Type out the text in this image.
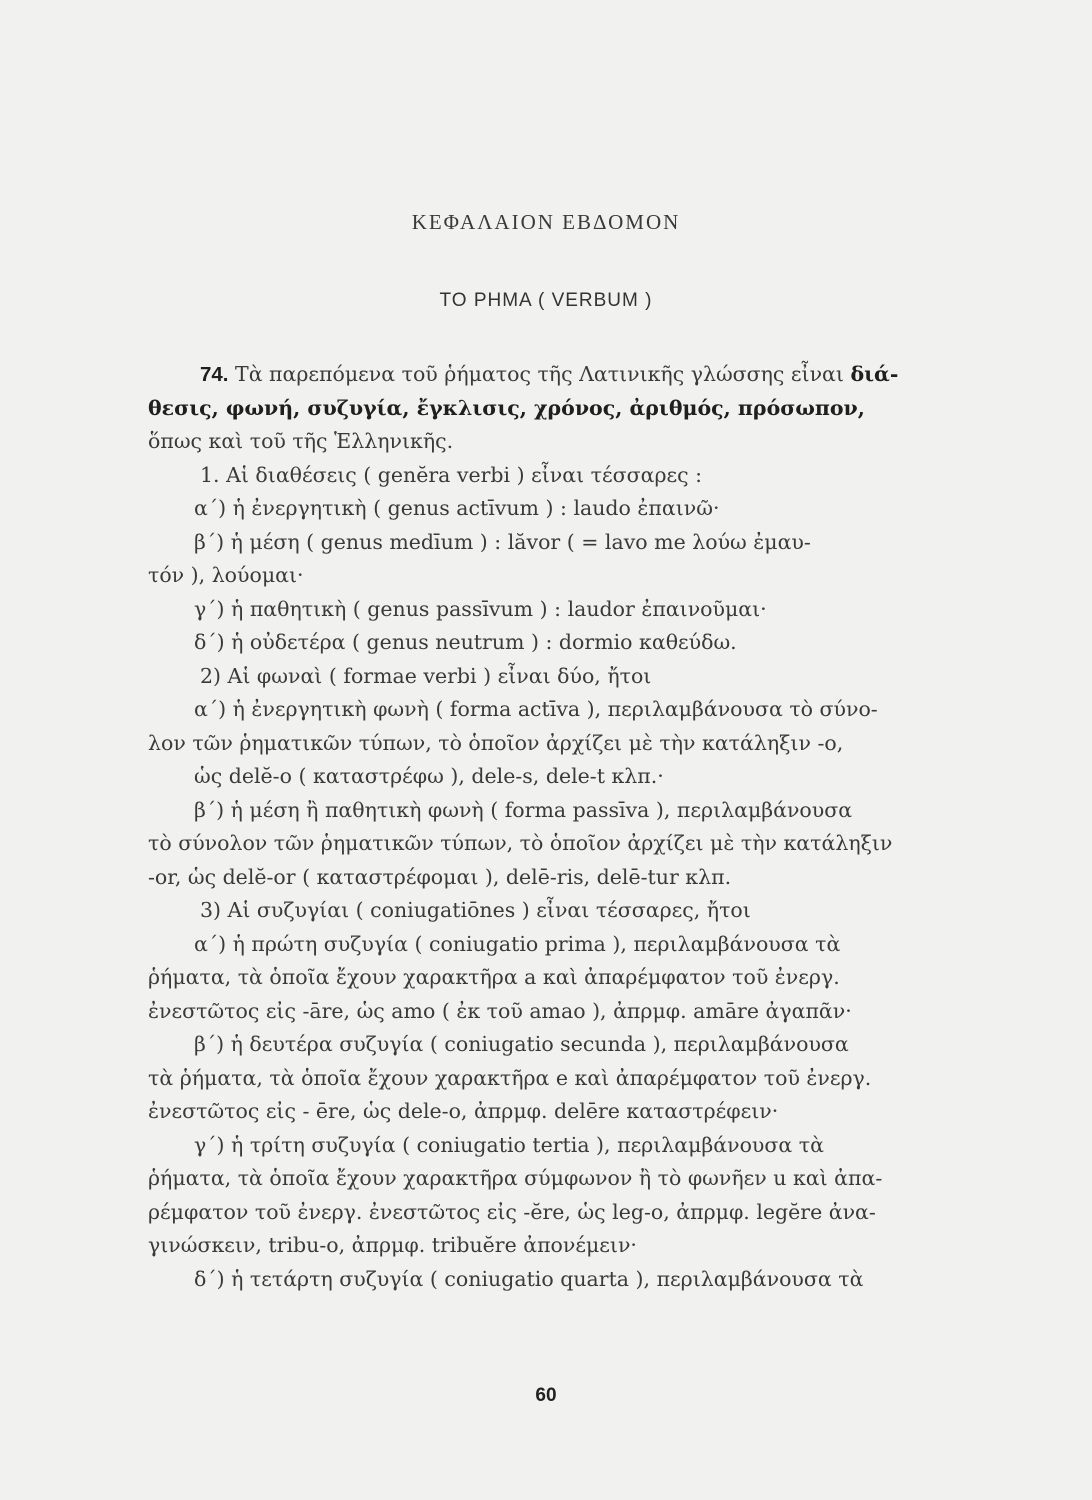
ΚΕΦΑΛΑΙΟΝ ΕΒΔΟΜΟΝ
ΤΟ ΡΗΜΑ ( VERBUM )
74. Τὰ παρεπόμενα τοῦ ῥήματος τῆς Λατινικῆς γλώσσης εἶναι διά-
θεσις, φωνή, συζυγία, ἔγκλισις, χρόνος, ἀριθμός, πρόσωπον,
ὅπως καὶ τοῦ τῆς Ἑλληνικῆς.
1. Αἱ διαθέσεις ( genĕra verbi ) εἶναι τέσσαρες :
α΄) ἡ ἐνεργητικὴ ( genus actīvum ) : laudo ἐπαινῶ·
β΄) ἡ μέση ( genus medīum ) : lăvor ( = lavo me λούω ἐμαυ-
τόν ), λούομαι·
γ΄) ἡ παθητικὴ ( genus passīvum ) : laudor ἐπαινοῦμαι·
δ΄) ἡ οὐδετέρα ( genus neutrum ) : dormio καθεύδω.
2) Αἱ φωναὶ ( formae verbi ) εἶναι δύο, ἤτοι
α΄) ἡ ἐνεργητικὴ φωνὴ ( forma actīva ), περιλαμβάνουσα τὸ σύνο-
λον τῶν ῥηματικῶν τύπων, τὸ ὁποῖον ἀρχίζει μὲ τὴν κατάληξιν -o,
ὡς delĕ-o ( καταστρέφω ), dele-s, dele-t κλπ.·
β΄) ἡ μέση ἢ παθητικὴ φωνὴ ( forma passīva ), περιλαμβάνουσα
τὸ σύνολον τῶν ῥηματικῶν τύπων, τὸ ὁποῖον ἀρχίζει μὲ τὴν κατάληξιν
-or, ὡς delĕ-or ( καταστρέφομαι ), delē-ris, delē-tur κλπ.
3) Αἱ συζυγίαι ( coniugatiōnes ) εἶναι τέσσαρες, ἤτοι
α΄) ἡ πρώτη συζυγία ( coniugatio prima ), περιλαμβάνουσα τὰ
ῥήματα, τὰ ὁποῖα ἔχουν χαρακτῆρα a καὶ ἀπαρέμφατον τοῦ ἐνεργ.
ἐνεστῶτος εἰς -āre, ὡς amo ( ἐκ τοῦ amao ), ἀπρμφ. amāre ἀγαπᾶν·
β΄) ἡ δευτέρα συζυγία ( coniugatio secunda ), περιλαμβάνουσα
τὰ ῥήματα, τὰ ὁποῖα ἔχουν χαρακτῆρα e καὶ ἀπαρέμφατον τοῦ ἐνεργ.
ἐνεστῶτος εἰς - ēre, ὡς dele-o, ἀπρμφ. delēre καταστρέφειν·
γ΄) ἡ τρίτη συζυγία ( coniugatio tertia ), περιλαμβάνουσα τὰ
ῥήματα, τὰ ὁποῖα ἔχουν χαρακτῆρα σύμφωνον ἢ τὸ φωνῆεν u καὶ ἀπα-
ρέμφατον τοῦ ἐνεργ. ἐνεστῶτος εἰς -ĕre, ὡς leg-o, ἀπρμφ. legĕre ἀνα-
γινώσκειν, tribu-o, ἀπρμφ. tribuĕre ἀπονέμειν·
δ΄) ἡ τετάρτη συζυγία ( coniugatio quarta ), περιλαμβάνουσα τὰ
60
